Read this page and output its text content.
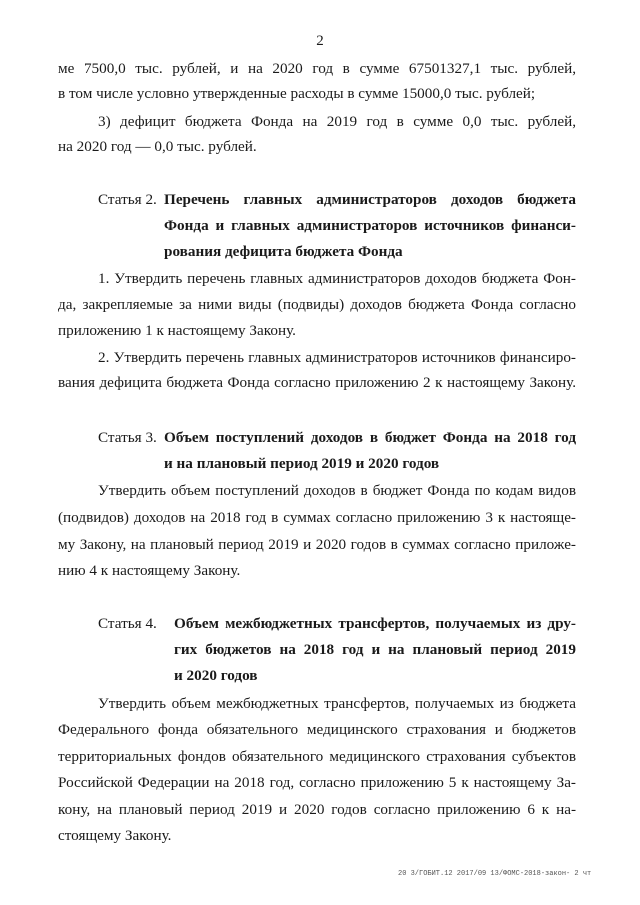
2
ме 7500,0 тыс. рублей, и на 2020 год в сумме 67501327,1 тыс. рублей,
в том числе условно утвержденные расходы в сумме 15000,0 тыс. рублей;
3) дефицит бюджета Фонда на 2019 год в сумме 0,0 тыс. рублей,
на 2020 год — 0,0 тыс. рублей.
Статья 2. Перечень главных администраторов доходов бюджета
Фонда и главных администраторов источников финанси-
рования дефицита бюджета Фонда
1. Утвердить перечень главных администраторов доходов бюджета Фон-
да, закрепляемые за ними виды (подвиды) доходов бюджета Фонда согласно
приложению 1 к настоящему Закону.
2. Утвердить перечень главных администраторов источников финансиро-
вания дефицита бюджета Фонда согласно приложению 2 к настоящему Закону.
Статья 3. Объем поступлений доходов в бюджет Фонда на 2018 год
и на плановый период 2019 и 2020 годов
Утвердить объем поступлений доходов в бюджет Фонда по кодам видов
(подвидов) доходов на 2018 год в суммах согласно приложению 3 к настояще-
му Закону, на плановый период 2019 и 2020 годов в суммах согласно приложе-
нию 4 к настоящему Закону.
Статья 4. Объем межбюджетных трансфертов, получаемых из дру-
гих бюджетов на 2018 год и на плановый период 2019
и 2020 годов
Утвердить объем межбюджетных трансфертов, получаемых из бюджета
Федерального фонда обязательного медицинского страхования и бюджетов
территориальных фондов обязательного медицинского страхования субъектов
Российской Федерации на 2018 год, согласно приложению 5 к настоящему За-
кону, на плановый период 2019 и 2020 годов согласно приложению 6 к на-
стоящему Закону.
20 3/ГОБИТ.12 2017/09 13/ФОМС-2018-закон- 2 чт
